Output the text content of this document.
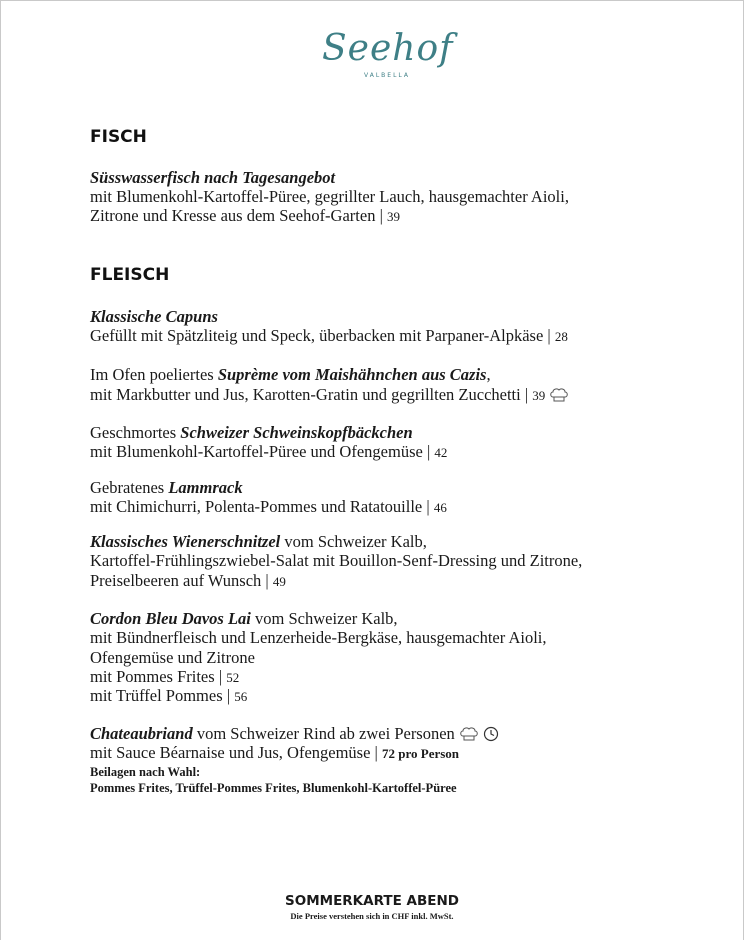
Seehof
VALBELLA
FISCH
Süsswasserfisch nach Tagesangebot
mit Blumenkohl-Kartoffel-Püree, gegrillter Lauch, hausgemachter Aioli,
Zitrone und Kresse aus dem Seehof-Garten | 39
FLEISCH
Klassische Capuns
Gefüllt mit Spätzliteig und Speck, überbacken mit Parpaner-Alpkäse | 28
Im Ofen poeliertes Suprème vom Maishähnchen aus Cazis,
mit Markbutter und Jus, Karotten-Gratin und gegrillten Zucchetti | 39
Geschmortes Schweizer Schweinskopfbäckchen
mit Blumenkohl-Kartoffel-Püree und Ofengemüse | 42
Gebratenes Lammrack
mit Chimichurri, Polenta-Pommes und Ratatouille | 46
Klassisches Wienerschnitzel vom Schweizer Kalb,
Kartoffel-Frühlingszwiebel-Salat mit Bouillon-Senf-Dressing und Zitrone,
Preiselbeeren auf Wunsch | 49
Cordon Bleu Davos Lai vom Schweizer Kalb,
mit Bündnerfleisch und Lenzerheide-Bergkäse, hausgemachter Aioli,
Ofengemüse und Zitrone
mit Pommes Frites | 52
mit Trüffel Pommes | 56
Chateaubriand vom Schweizer Rind ab zwei Personen
mit Sauce Béarnaise und Jus, Ofengemüse | 72 pro Person
Beilagen nach Wahl:
Pommes Frites, Trüffel-Pommes Frites, Blumenkohl-Kartoffel-Püree
SOMMERKARTE ABEND
Die Preise verstehen sich in CHF inkl. MwSt.
